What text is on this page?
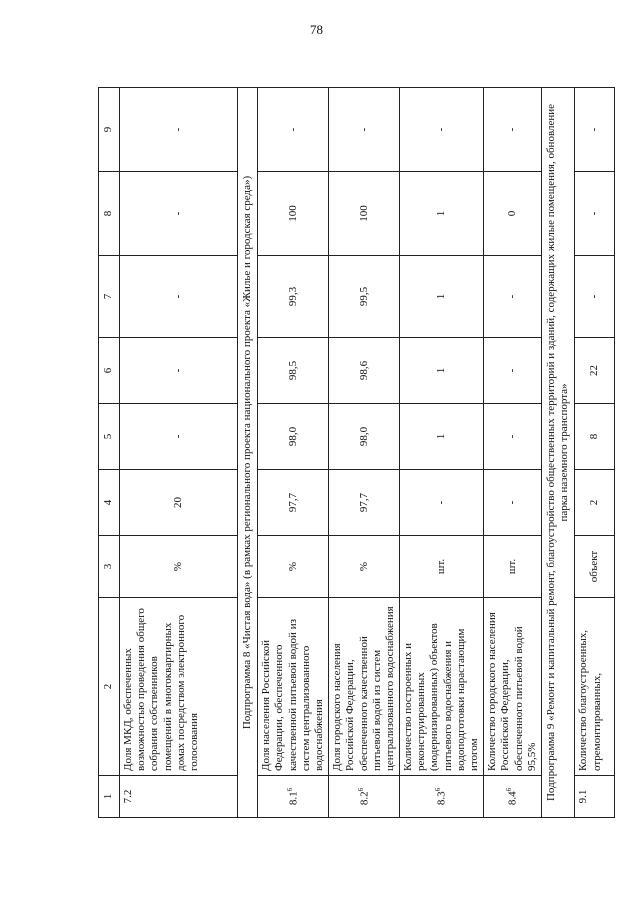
78
1	2	3	4	5	6	7	8	9
7.2	Доля МКД, обеспеченных возможностью проведения общего собрания собственников помещений в многоквартирных домах посредством электронного голосования	%	20	-	-	-	-	-
Подпрограмма 8 «Чистая вода» (в рамках регионального проекта национального проекта «Жилье и городская среда»)								
$8.1^6$	Доля населения Российской Федерации, обеспеченного качественной питьевой водой из систем централизованного водоснабжения	%	97,7	98,0	98,5	99,3	100	-
$8.2^6$	Доля городского населения Российской Федерации, обеспеченного качественной питьевой водой из систем централизованного водоснабжения	%	97,7	98,0	98,6	99,5	100	-
$8.3^6$	Количество построенных и реконструированных (модернизированных) объектов питьевого водоснабжения и водоподготовки нарастающим итогом	шт.	-	1	1	1	1	-
$8.4^6$	Количество городского населения Российской Федерации, обеспеченного питьевой водой 95,5%	шт.	-	-	-	-	0	-
Подпрограмма 9 «Ремонт и капитальный ремонт, благоустройство общественных территорий и зданий, содержащих жилые помещения, обновление парка наземного транспорта»								
9.1	Количество благоустроенных, отремонтированных,	объект	2	8	22	-	-	-
